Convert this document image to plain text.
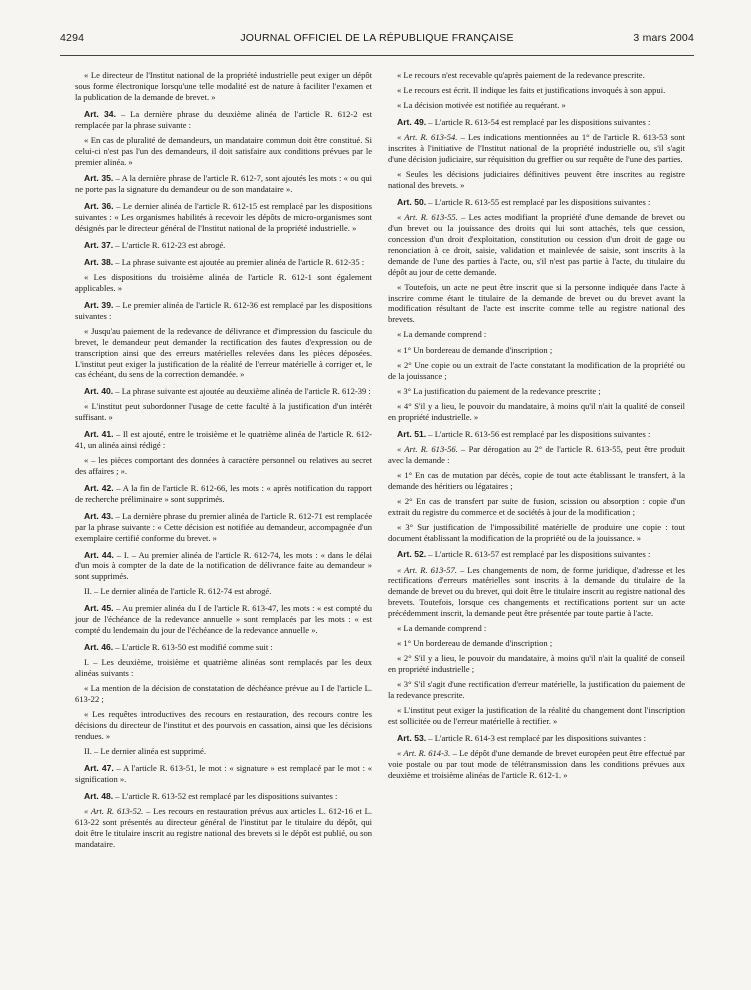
4294	JOURNAL OFFICIEL DE LA RÉPUBLIQUE FRANÇAISE	3 mars 2004

« Le directeur de l'Institut national de la propriété industrielle peut exiger un dépôt sous forme électronique lorsqu'une telle modalité est de nature à faciliter l'examen et la publication de la demande de brevet. »

Art. 34. – La dernière phrase du deuxième alinéa de l'article R. 612-2 est remplacée par la phrase suivante :

« En cas de pluralité de demandeurs, un mandataire commun doit être constitué. Si celui-ci n'est pas l'un des demandeurs, il doit satisfaire aux conditions prévues par le premier alinéa. »

Art. 35. – A la dernière phrase de l'article R. 612-7, sont ajoutés les mots : « ou qui ne porte pas la signature du demandeur ou de son mandataire ».

Art. 36. – Le dernier alinéa de l'article R. 612-15 est remplacé par les dispositions suivantes : « Les organismes habilités à recevoir les dépôts de micro-organismes sont désignés par le directeur général de l'Institut national de la propriété industrielle. »

Art. 37. – L'article R. 612-23 est abrogé.

Art. 38. – La phrase suivante est ajoutée au premier alinéa de l'article R. 612-35 :

« Les dispositions du troisième alinéa de l'article R. 612-1 sont également applicables. »

Art. 39. – Le premier alinéa de l'article R. 612-36 est remplacé par les dispositions suivantes :

« Jusqu'au paiement de la redevance de délivrance et d'impression du fascicule du brevet, le demandeur peut demander la rectification des fautes d'expression ou de transcription ainsi que des erreurs matérielles relevées dans les pièces déposées. L'institut peut exiger la justification de la réalité de l'erreur matérielle à corriger et, le cas échéant, du sens de la correction demandée. »

Art. 40. – La phrase suivante est ajoutée au deuxième alinéa de l'article R. 612-39 :

« L'institut peut subordonner l'usage de cette faculté à la justification d'un intérêt suffisant. »

Art. 41. – Il est ajouté, entre le troisième et le quatrième alinéa de l'article R. 612-41, un alinéa ainsi rédigé :

« – les pièces comportant des données à caractère personnel ou relatives au secret des affaires ; ».

Art. 42. – A la fin de l'article R. 612-66, les mots : « après notification du rapport de recherche préliminaire » sont supprimés.

Art. 43. – La dernière phrase du premier alinéa de l'article R. 612-71 est remplacée par la phrase suivante : « Cette décision est notifiée au demandeur, accompagnée d'un exemplaire certifié conforme du brevet. »

Art. 44. – I. – Au premier alinéa de l'article R. 612-74, les mots : « dans le délai d'un mois à compter de la date de la notification de délivrance faite au demandeur » sont supprimés.

II. – Le dernier alinéa de l'article R. 612-74 est abrogé.

Art. 45. – Au premier alinéa du I de l'article R. 613-47, les mots : « est compté du jour de l'échéance de la redevance annuelle » sont remplacés par les mots : « est compté du lendemain du jour de l'échéance de la redevance annuelle ».

Art. 46. – L'article R. 613-50 est modifié comme suit :

I. – Les deuxième, troisième et quatrième alinéas sont remplacés par les deux alinéas suivants :

« La mention de la décision de constatation de déchéance prévue au I de l'article L. 613-22 ;

« Les requêtes introductives des recours en restauration, des recours contre les décisions du directeur de l'institut et des pourvois en cassation, ainsi que les décisions rendues. »

II. – Le dernier alinéa est supprimé.

Art. 47. – A l'article R. 613-51, le mot : « signature » est remplacé par le mot : « signification ».

Art. 48. – L'article R. 613-52 est remplacé par les dispositions suivantes :

« Art. R. 613-52. – Les recours en restauration prévus aux articles L. 612-16 et L. 613-22 sont présentés au directeur général de l'institut par le titulaire du dépôt, qui doit être le titulaire inscrit au registre national des brevets si le dépôt est publié, ou son mandataire.

« Le recours n'est recevable qu'après paiement de la redevance prescrite.

« Le recours est écrit. Il indique les faits et justifications invoqués à son appui.

« La décision motivée est notifiée au requérant. »

Art. 49. – L'article R. 613-54 est remplacé par les dispositions suivantes :

« Art. R. 613-54. – Les indications mentionnées au 1° de l'article R. 613-53 sont inscrites à l'initiative de l'Institut national de la propriété industrielle ou, s'il s'agit d'une décision judiciaire, sur réquisition du greffier ou sur requête de l'une des parties.

« Seules les décisions judiciaires définitives peuvent être inscrites au registre national des brevets. »

Art. 50. – L'article R. 613-55 est remplacé par les dispositions suivantes :

« Art. R. 613-55. – Les actes modifiant la propriété d'une demande de brevet ou d'un brevet ou la jouissance des droits qui lui sont attachés, tels que cession, concession d'un droit d'exploitation, constitution ou cession d'un droit de gage ou renonciation à ce droit, saisie, validation et mainlevée de saisie, sont inscrits à la demande de l'une des parties à l'acte, ou, s'il n'est pas partie à l'acte, du titulaire du dépôt au jour de cette demande.

« Toutefois, un acte ne peut être inscrit que si la personne indiquée dans l'acte à inscrire comme étant le titulaire de la demande de brevet ou du brevet avant la modification résultant de l'acte est inscrite comme telle au registre national des brevets.

« La demande comprend :

« 1° Un bordereau de demande d'inscription ;

« 2° Une copie ou un extrait de l'acte constatant la modification de la propriété ou de la jouissance ;

« 3° La justification du paiement de la redevance prescrite ;

« 4° S'il y a lieu, le pouvoir du mandataire, à moins qu'il n'ait la qualité de conseil en propriété industrielle. »

Art. 51. – L'article R. 613-56 est remplacé par les dispositions suivantes :

« Art. R. 613-56. – Par dérogation au 2° de l'article R. 613-55, peut être produit avec la demande :

« 1° En cas de mutation par décès, copie de tout acte établissant le transfert, à la demande des héritiers ou légataires ;

« 2° En cas de transfert par suite de fusion, scission ou absorption : copie d'un extrait du registre du commerce et de sociétés à jour de la modification ;

« 3° Sur justification de l'impossibilité matérielle de produire une copie : tout document établissant la modification de la propriété ou de la jouissance. »

Art. 52. – L'article R. 613-57 est remplacé par les dispositions suivantes :

« Art. R. 613-57. – Les changements de nom, de forme juridique, d'adresse et les rectifications d'erreurs matérielles sont inscrits à la demande du titulaire de la demande de brevet ou du brevet, qui doit être le titulaire inscrit au registre national des brevets. Toutefois, lorsque ces changements et rectifications portent sur un acte précédemment inscrit, la demande peut être présentée par toute partie à l'acte.

« La demande comprend :

« 1° Un bordereau de demande d'inscription ;

« 2° S'il y a lieu, le pouvoir du mandataire, à moins qu'il n'ait la qualité de conseil en propriété industrielle ;

« 3° S'il s'agit d'une rectification d'erreur matérielle, la justification du paiement de la redevance prescrite.

« L'institut peut exiger la justification de la réalité du changement dont l'inscription est sollicitée ou de l'erreur matérielle à rectifier. »

Art. 53. – L'article R. 614-3 est remplacé par les dispositions suivantes :

« Art. R. 614-3. – Le dépôt d'une demande de brevet européen peut être effectué par voie postale ou par tout mode de télétransmission dans les conditions prévues aux deuxième et troisième alinéas de l'article R. 612-1. »
